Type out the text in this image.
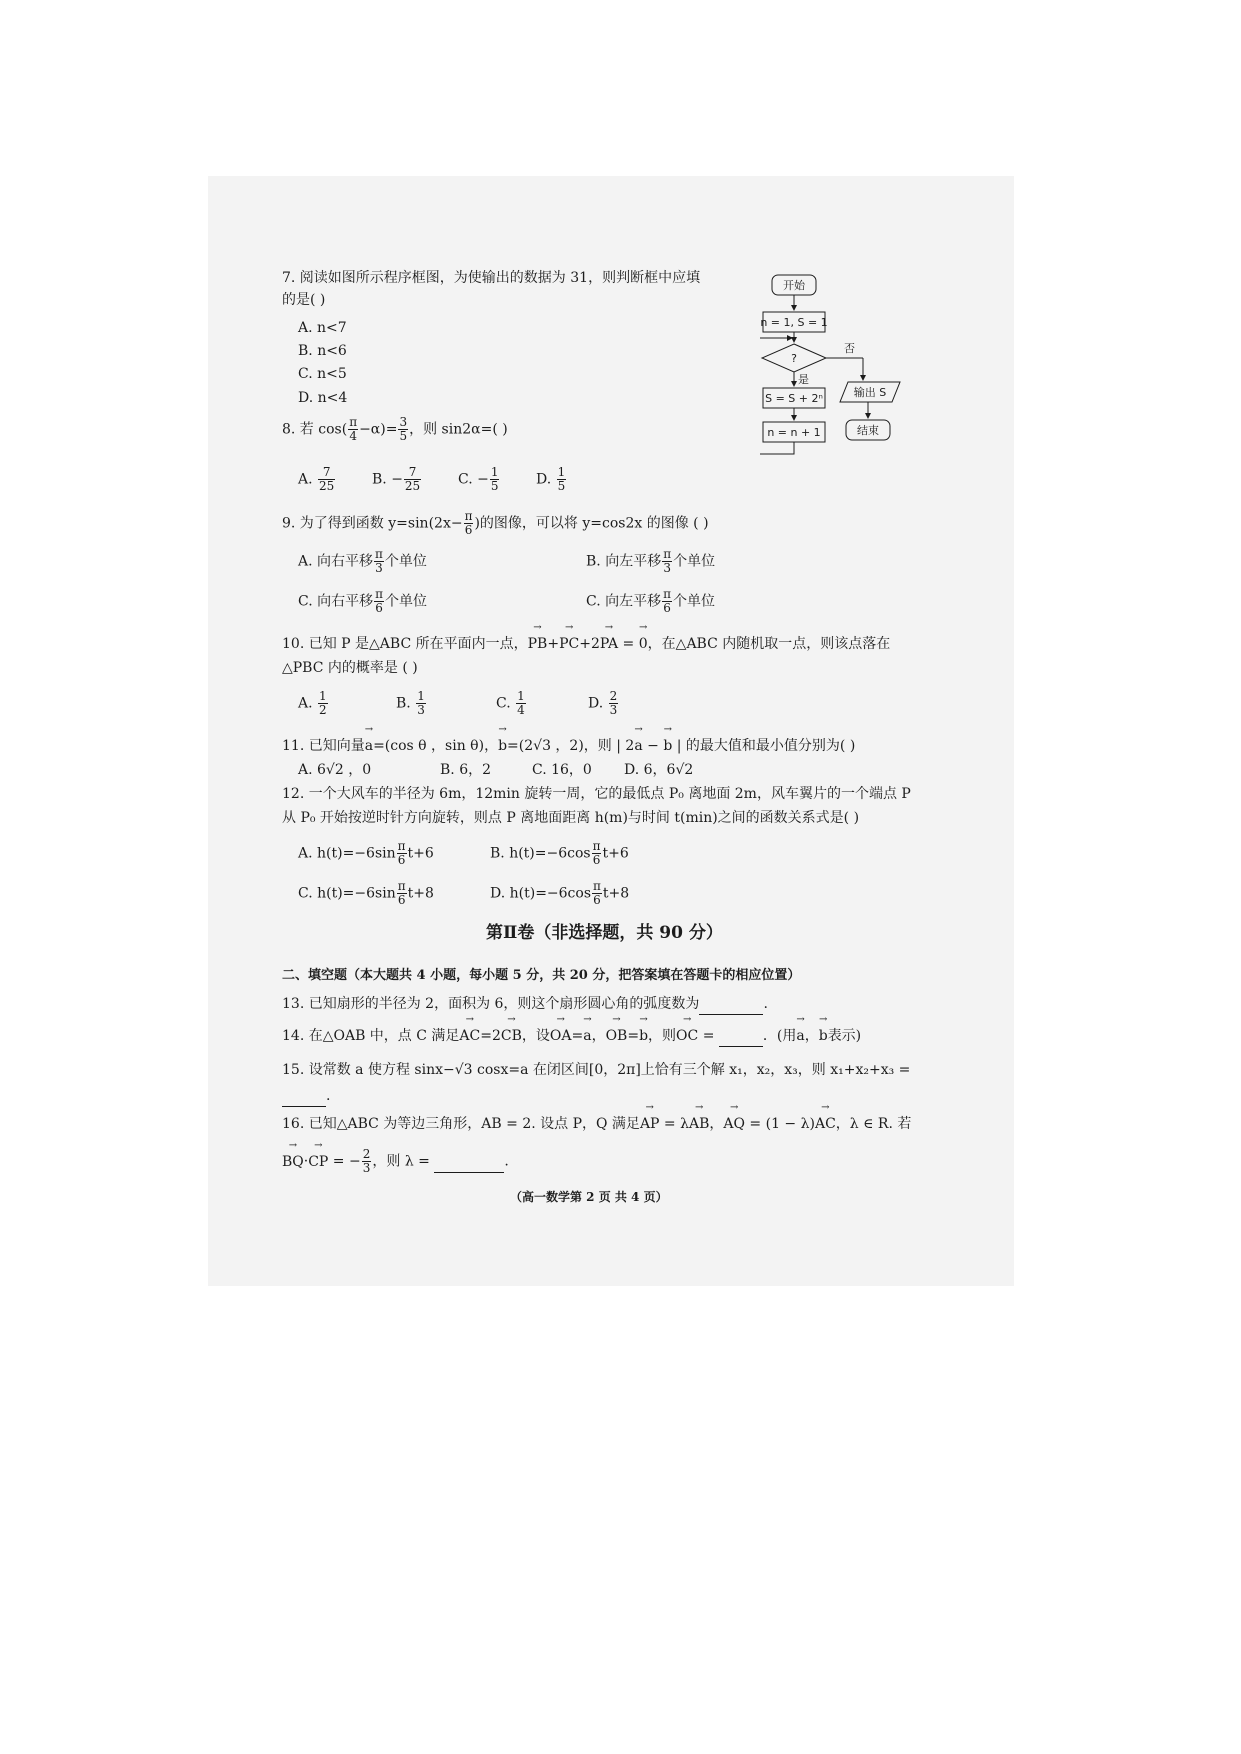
7. 阅读如图所示程序框图，为使输出的数据为 31，则判断框中应填
的是( )
A. n<7
B. n<6
C. n<5
D. n<4
开始
n = 1, S = 1
?
否
输出 S
结束
是
S = S + 2ⁿ
n = n + 1
8. 若 $\cos( \frac{\pi}{4} -\alpha)= \frac{3}{5}$ ，则 sin2α=( )
A. $\frac{7}{25}$	B. − $\frac{7}{25}$	C. − $\frac{1}{5}$	D. $\frac{1}{5}$
9. 为了得到函数 $y=\sin(2x- \frac{\pi}{6}$ )的图像，可以将 y=cos2x 的图像 ( )
A. 向右平移 $\frac{\pi}{3}$ 个单位	B. 向左平移 $\frac{\pi}{3}$ 个单位
C. 向右平移 $\frac{\pi}{6}$ 个单位	C. 向左平移 $\frac{\pi}{6}$ 个单位
10. 已知 P 是△ABC 所在平面内一点，→ PB+→ PC+2→ PA = → 0，在△ABC 内随机取一点，则该点落在
△PBC 内的概率是 ( )
A. $\frac{1}{2}$	B. $\frac{1}{3}$	C. $\frac{1}{4}$	D. $\frac{2}{3}$
11. 已知向量→ a=(cos θ ，sin θ)，→ b=(2√3 ，2)，则 | 2→ a − → b | 的最大值和最小值分别为( )
A. 6√2 ，0	B. 6，2	C. 16，0 D. 6，6√2
12. 一个大风车的半径为 6m，12min 旋转一周，它的最低点 P₀ 离地面 2m，风车翼片的一个端点 P
从 P₀ 开始按逆时针方向旋转，则点 P 离地面距离 h(m)与时间 t(min)之间的函数关系式是( )
A. $h(t)=-6\sin \frac{\pi}{6} t+6$	B. $h(t)=-6\cos \frac{\pi}{6} t+6$
C. $h(t)=-6\sin \frac{\pi}{6} t+8$	D. $h(t)=-6\cos \frac{\pi}{6} t+8$
第Ⅱ卷（非选择题，共 90 分）
二、填空题（本大题共 4 小题，每小题 5 分，共 20 分，把答案填在答题卡的相应位置）
13. 已知扇形的半径为 2，面积为 6，则这个扇形圆心角的弧度数为	.
14. 在△OAB 中，点 C 满足→ AC=2→ CB，设→ OA=→ a，→ OB=→ b，则→ OC =	．(用→ a，→ b表示)
15. 设常数 a 使方程 sinx−√3 cosx=a 在闭区间[0，2π]上恰有三个解 x₁，x₂，x₃，则 x₁+x₂+x₃ =
.
16. 已知△ABC 为等边三角形，AB = 2. 设点 P，Q 满足→ AP = λ→ AB，→ AQ = (1 − λ)→ AC，λ ∈ R. 若
→ BQ·→ CP = − $\frac{2}{3}$ ，则 λ =	.
（高一数学第 2 页 共 4 页）
